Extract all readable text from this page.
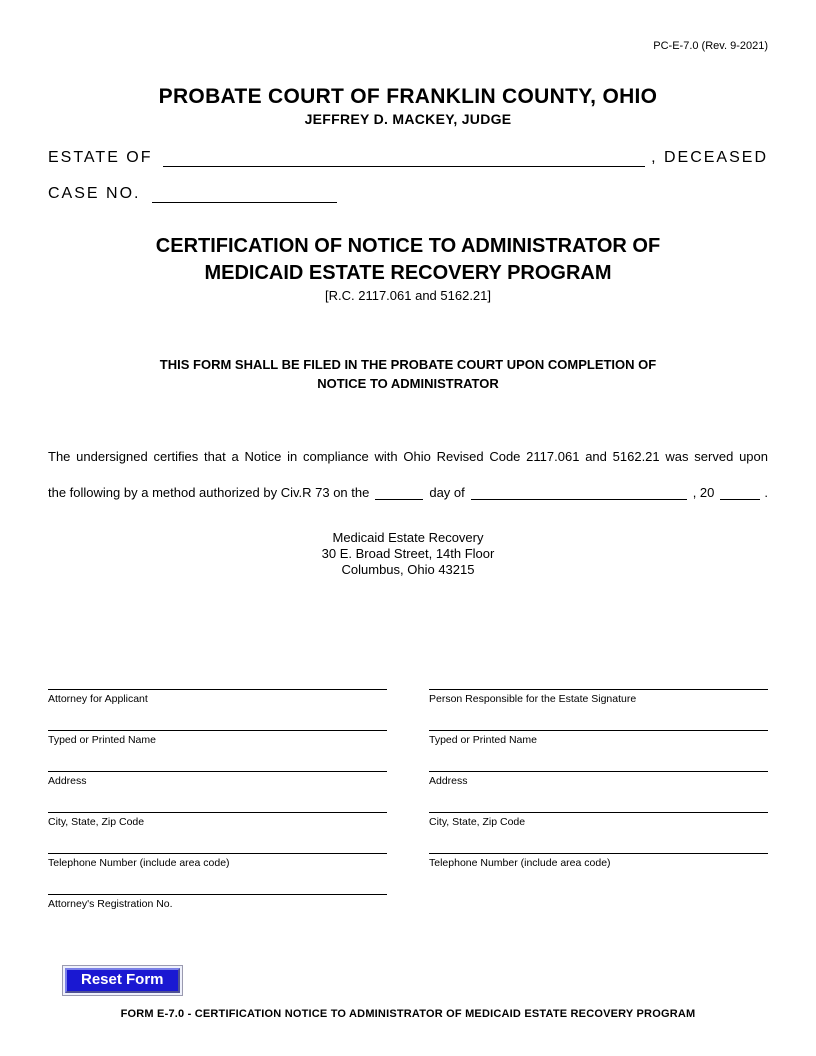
PC-E-7.0 (Rev. 9-2021)
PROBATE COURT OF FRANKLIN COUNTY, OHIO
JEFFREY D. MACKEY, JUDGE
ESTATE OF	, DECEASED
CASE NO.
CERTIFICATION OF NOTICE TO ADMINISTRATOR OF
MEDICAID ESTATE RECOVERY PROGRAM
[R.C. 2117.061 and 5162.21]
THIS FORM SHALL BE FILED IN THE PROBATE COURT UPON COMPLETION OF
NOTICE TO ADMINISTRATOR
The undersigned certifies that a Notice in compliance with Ohio Revised Code 2117.061 and 5162.21 was served upon
the following by a method authorized by Civ.R 73 on the	day of	, 20	.
Medicaid Estate Recovery
30 E. Broad Street, 14th Floor
Columbus, Ohio 43215
Attorney for Applicant
Typed or Printed Name
Address
City, State, Zip Code
Telephone Number (include area code)
Attorney's Registration No.
Person Responsible for the Estate Signature
Typed or Printed Name
Address
City, State, Zip Code
Telephone Number (include area code)
Reset Form
FORM E-7.0 - CERTIFICATION NOTICE TO ADMINISTRATOR OF MEDICAID ESTATE RECOVERY PROGRAM
